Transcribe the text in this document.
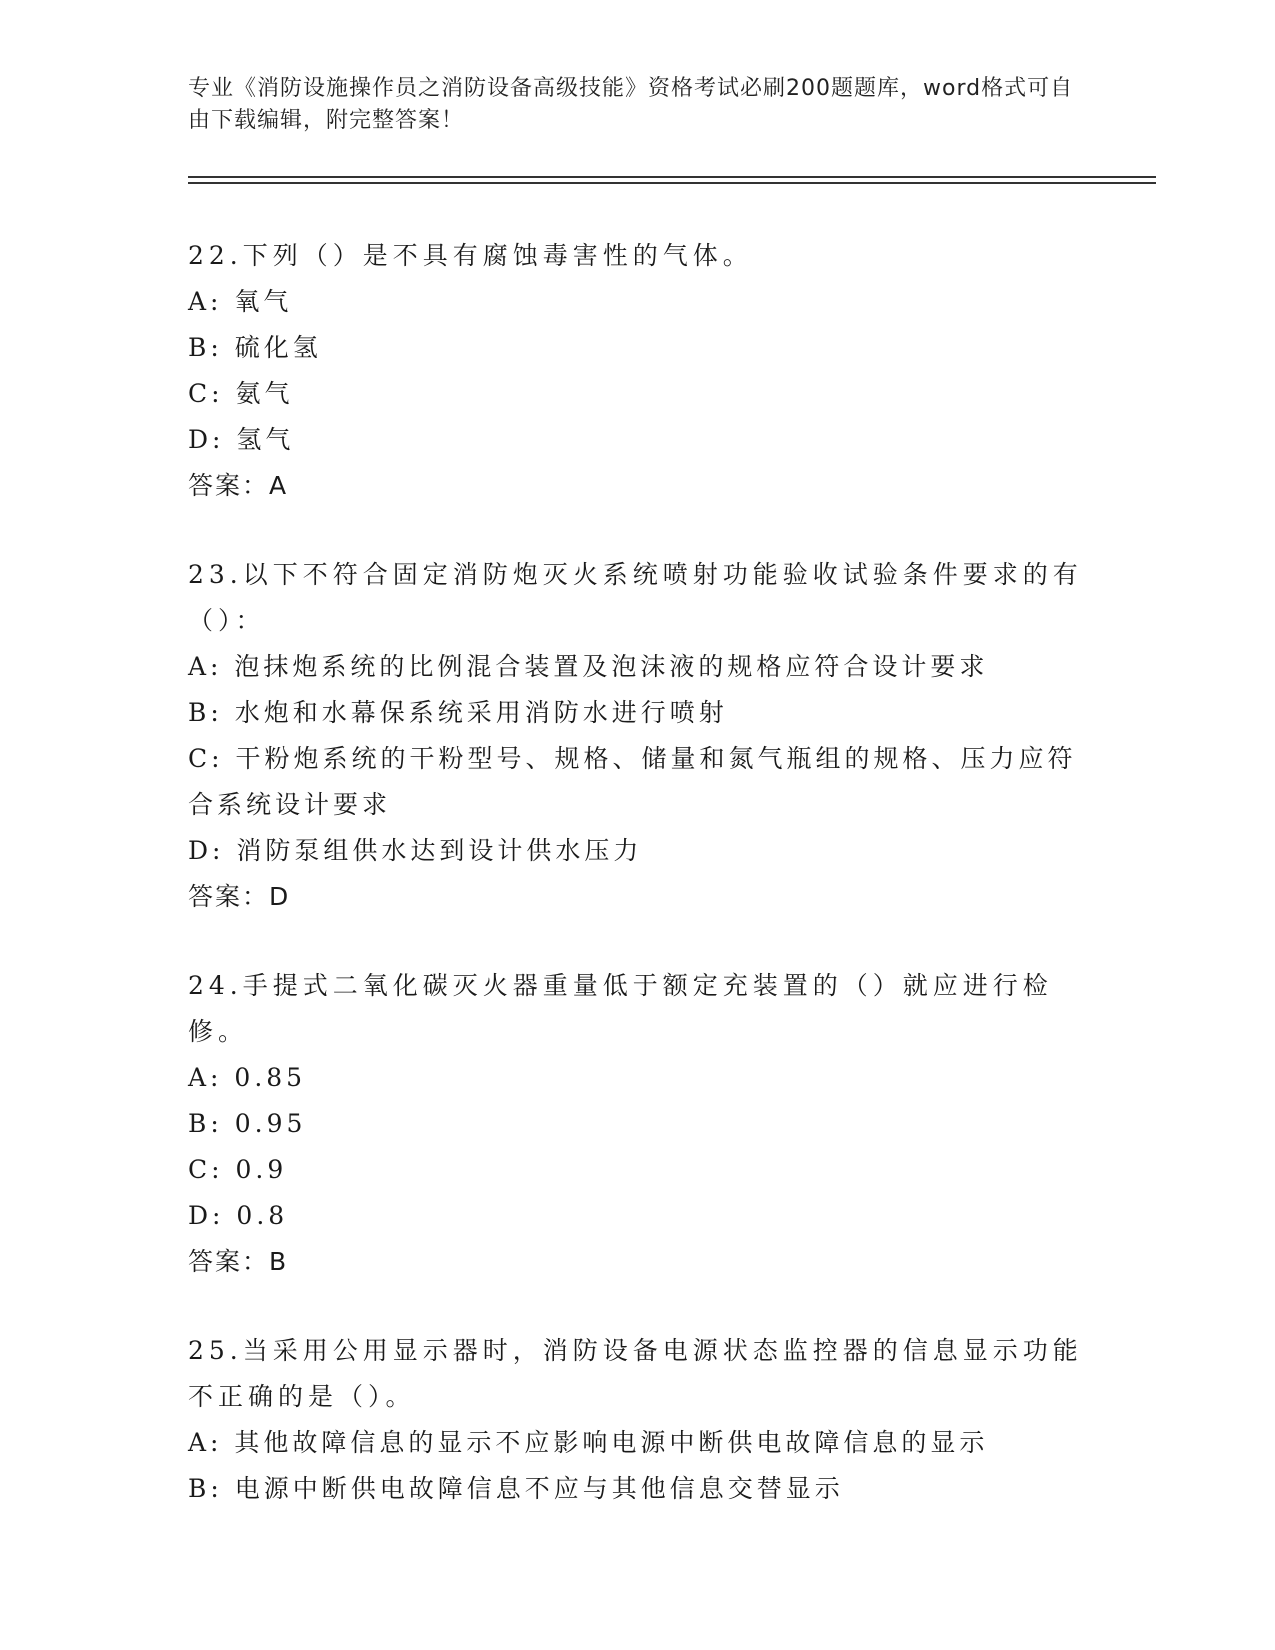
专业《消防设施操作员之消防设备高级技能》资格考试必刷200题题库，word格式可自由下载编辑，附完整答案！

22.下列（）是不具有腐蚀毒害性的气体。

A: 氧气

B: 硫化氢

C: 氨气

D: 氢气

答案：A

23.以下不符合固定消防炮灭火系统喷射功能验收试验条件要求的有（）：

A: 泡抹炮系统的比例混合装置及泡沫液的规格应符合设计要求

B: 水炮和水幕保系统采用消防水进行喷射

C: 干粉炮系统的干粉型号、规格、储量和氮气瓶组的规格、压力应符合系统设计要求

D: 消防泵组供水达到设计供水压力

答案：D

24.手提式二氧化碳灭火器重量低于额定充装置的（）就应进行检修。

A: 0.85

B: 0.95

C: 0.9

D: 0.8

答案：B

25.当采用公用显示器时，消防设备电源状态监控器的信息显示功能不正确的是（）。

A: 其他故障信息的显示不应影响电源中断供电故障信息的显示

B: 电源中断供电故障信息不应与其他信息交替显示
